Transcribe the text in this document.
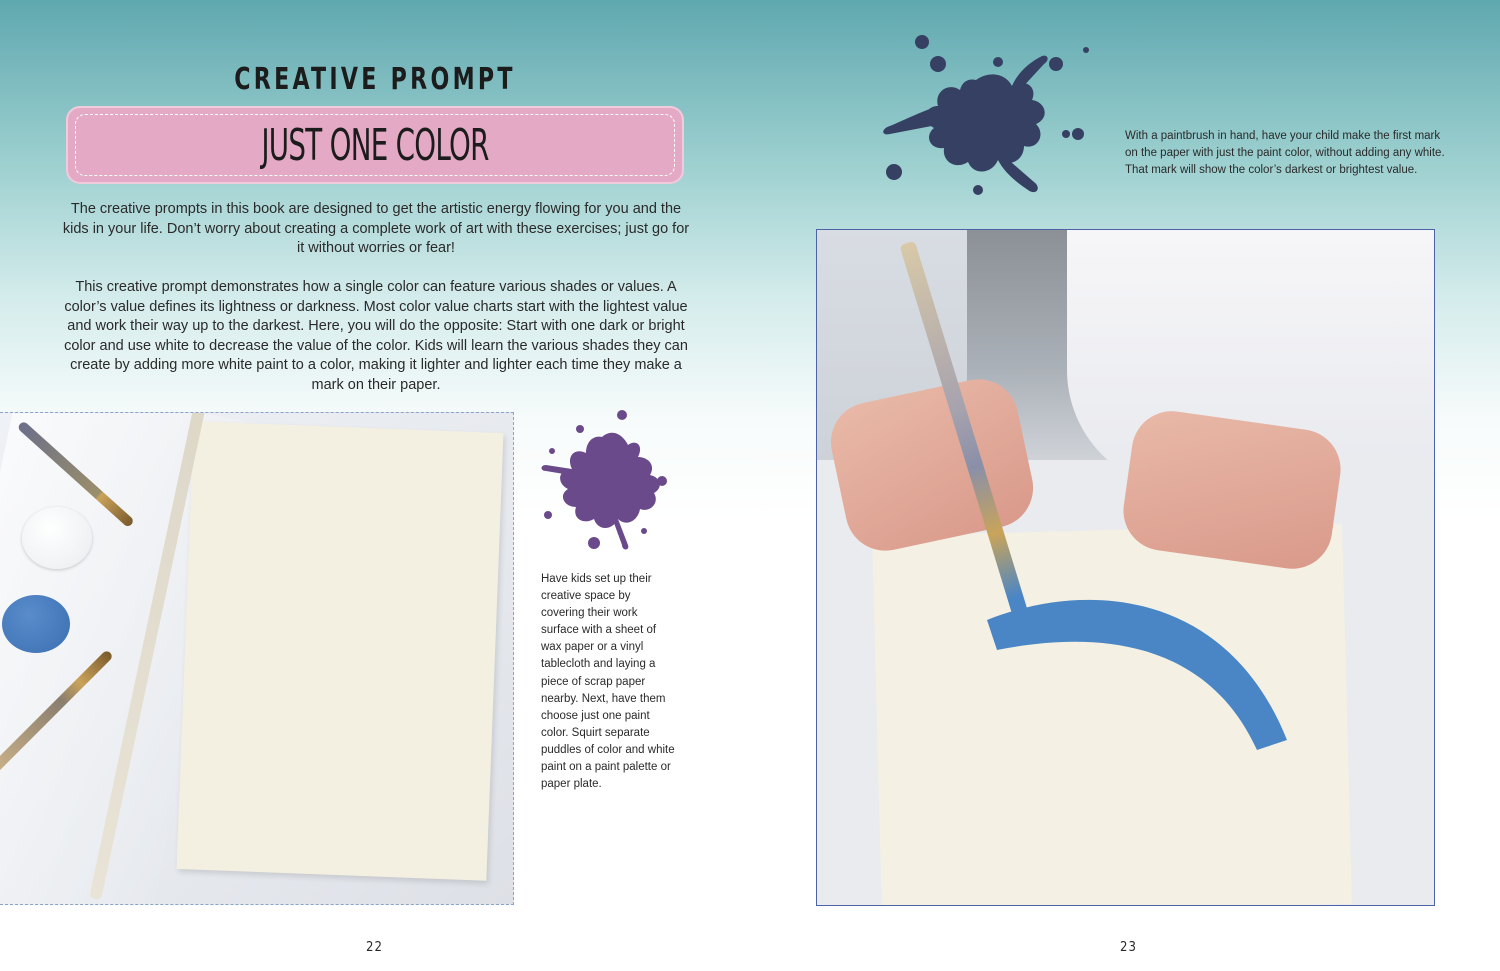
CREATIVE PROMPT
JUST ONE COLOR
The creative prompts in this book are designed to get the artistic energy flowing for you and the kids in your life. Don’t worry about creating a complete work of art with these exercises; just go for it without worries or fear!
This creative prompt demonstrates how a single color can feature various shades or values. A color’s value defines its lightness or darkness. Most color value charts start with the lightest value and work their way up to the darkest. Here, you will do the opposite: Start with one dark or bright color and use white to decrease the value of the color. Kids will learn the various shades they can create by adding more white paint to a color, making it lighter and lighter each time they make a mark on their paper.
Have kids set up their creative space by covering their work surface with a sheet of wax paper or a vinyl tablecloth and laying a piece of scrap paper nearby. Next, have them choose just one paint color. Squirt separate puddles of color and white paint on a paint palette or paper plate.
With a paintbrush in hand, have your child make the first mark on the paper with just the paint color, without adding any white. That mark will show the color’s darkest or brightest value.
22	23
